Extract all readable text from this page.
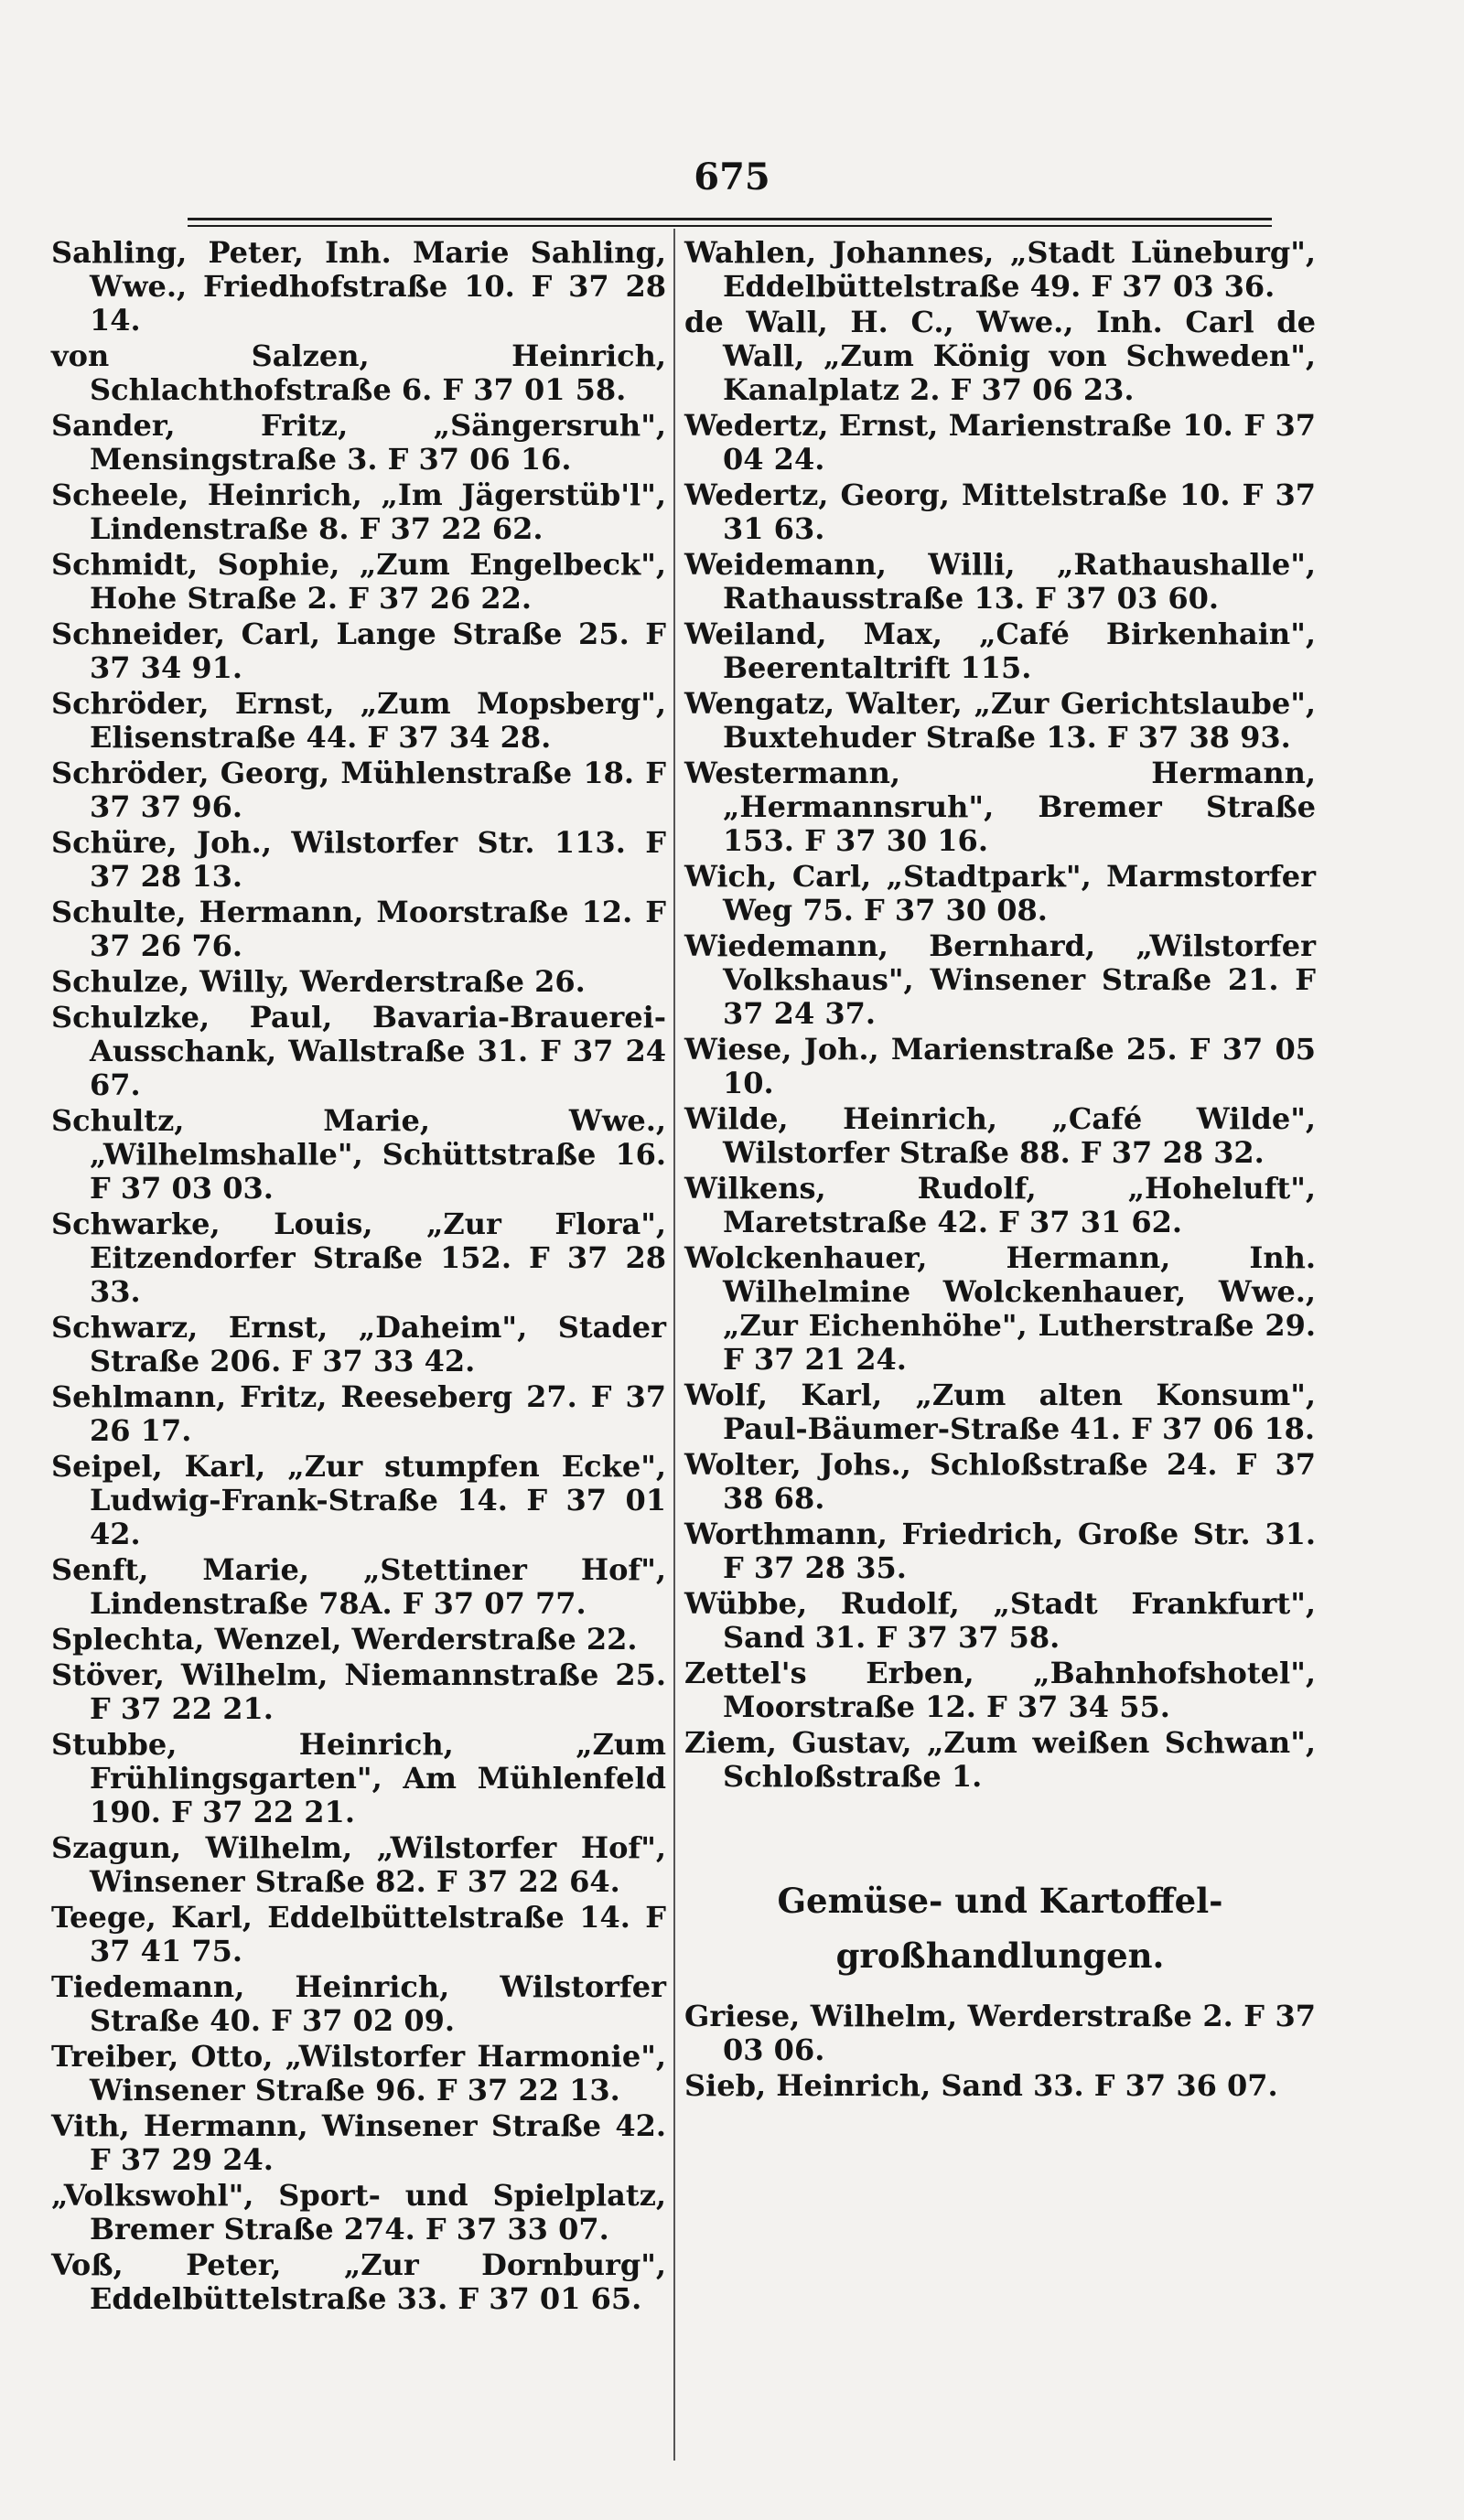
675

Sahling, Peter, Inh. Marie Sahling, Wwe., Friedhofstraße 10. F 37 28 14.

von Salzen, Heinrich, Schlachthofstraße 6. F 37 01 58.

Sander, Fritz, „Sängersruh", Mensingstraße 3. F 37 06 16.

Scheele, Heinrich, „Im Jägerstüb'l", Lindenstraße 8. F 37 22 62.

Schmidt, Sophie, „Zum Engelbeck", Hohe Straße 2. F 37 26 22.

Schneider, Carl, Lange Straße 25. F 37 34 91.

Schröder, Ernst, „Zum Mopsberg", Elisenstraße 44. F 37 34 28.

Schröder, Georg, Mühlenstraße 18. F 37 37 96.

Schüre, Joh., Wilstorfer Str. 113. F 37 28 13.

Schulte, Hermann, Moorstraße 12. F 37 26 76.

Schulze, Willy, Werderstraße 26.

Schulzke, Paul, Bavaria-Brauerei-Ausschank, Wallstraße 31. F 37 24 67.

Schultz, Marie, Wwe., „Wilhelmshalle", Schüttstraße 16. F 37 03 03.

Schwarke, Louis, „Zur Flora", Eitzendorfer Straße 152. F 37 28 33.

Schwarz, Ernst, „Daheim", Stader Straße 206. F 37 33 42.

Sehlmann, Fritz, Reeseberg 27. F 37 26 17.

Seipel, Karl, „Zur stumpfen Ecke", Ludwig-Frank-Straße 14. F 37 01 42.

Senft, Marie, „Stettiner Hof", Lindenstraße 78A. F 37 07 77.

Splechta, Wenzel, Werderstraße 22.

Stöver, Wilhelm, Niemannstraße 25. F 37 22 21.

Stubbe, Heinrich, „Zum Frühlingsgarten", Am Mühlenfeld 190. F 37 22 21.

Szagun, Wilhelm, „Wilstorfer Hof", Winsener Straße 82. F 37 22 64.

Teege, Karl, Eddelbüttelstraße 14. F 37 41 75.

Tiedemann, Heinrich, Wilstorfer Straße 40. F 37 02 09.

Treiber, Otto, „Wilstorfer Harmonie", Winsener Straße 96. F 37 22 13.

Vith, Hermann, Winsener Straße 42. F 37 29 24.

„Volkswohl", Sport- und Spielplatz, Bremer Straße 274. F 37 33 07.

Voß, Peter, „Zur Dornburg", Eddelbüttelstraße 33. F 37 01 65.

Wahlen, Johannes, „Stadt Lüneburg", Eddelbüttelstraße 49. F 37 03 36.

de Wall, H. C., Wwe., Inh. Carl de Wall, „Zum König von Schweden", Kanalplatz 2. F 37 06 23.

Wedertz, Ernst, Marienstraße 10. F 37 04 24.

Wedertz, Georg, Mittelstraße 10. F 37 31 63.

Weidemann, Willi, „Rathaushalle", Rathausstraße 13. F 37 03 60.

Weiland, Max, „Café Birkenhain", Beerentaltrift 115.

Wengatz, Walter, „Zur Gerichtslaube", Buxtehuder Straße 13. F 37 38 93.

Westermann, Hermann, „Hermannsruh", Bremer Straße 153. F 37 30 16.

Wich, Carl, „Stadtpark", Marmstorfer Weg 75. F 37 30 08.

Wiedemann, Bernhard, „Wilstorfer Volkshaus", Winsener Straße 21. F 37 24 37.

Wiese, Joh., Marienstraße 25. F 37 05 10.

Wilde, Heinrich, „Café Wilde", Wilstorfer Straße 88. F 37 28 32.

Wilkens, Rudolf, „Hoheluft", Maretstraße 42. F 37 31 62.

Wolckenhauer, Hermann, Inh. Wilhelmine Wolckenhauer, Wwe., „Zur Eichenhöhe", Lutherstraße 29. F 37 21 24.

Wolf, Karl, „Zum alten Konsum", Paul-Bäumer-Straße 41. F 37 06 18.

Wolter, Johs., Schloßstraße 24. F 37 38 68.

Worthmann, Friedrich, Große Str. 31. F 37 28 35.

Wübbe, Rudolf, „Stadt Frankfurt", Sand 31. F 37 37 58.

Zettel's Erben, „Bahnhofshotel", Moorstraße 12. F 37 34 55.

Ziem, Gustav, „Zum weißen Schwan", Schloßstraße 1.

Gemüse- und Kartoffel-
großhandlungen.

Griese, Wilhelm, Werderstraße 2. F 37 03 06.

Sieb, Heinrich, Sand 33. F 37 36 07.
